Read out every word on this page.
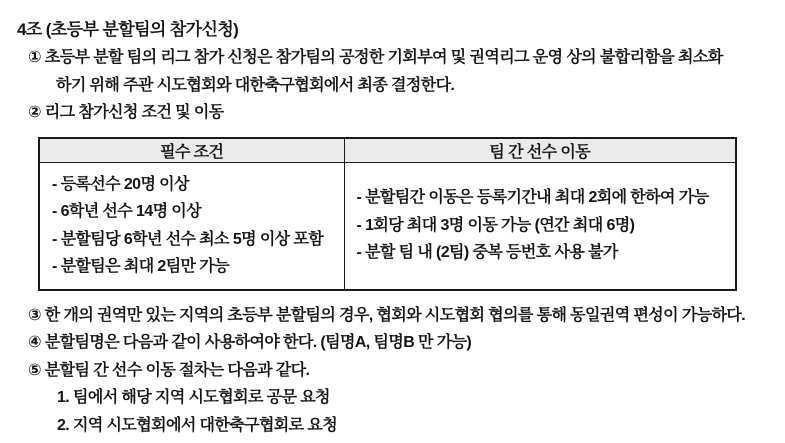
4조 (초등부 분할팀의 참가신청)
① 초등부 분할 팀의 리그 참가 신청은 참가팀의 공정한 기회부여 및 권역리그 운영 상의 불합리함을 최소화
하기 위해 주관 시도협회와 대한축구협회에서 최종 결정한다.
② 리그 참가신청 조건 및 이동
필수 조건	팀 간 선수 이동

- 등록선수 20명 이상
- 6학년 선수 14명 이상
- 분할팀당 6학년 선수 최소 5명 이상 포함
- 분할팀은 최대 2팀만 가능

- 분할팀간 이동은 등록기간내 최대 2회에 한하여 가능
- 1회당 최대 3명 이동 가능 (연간 최대 6명)
- 분할 팀 내 (2팀) 중복 등번호 사용 불가
③ 한 개의 권역만 있는 지역의 초등부 분할팀의 경우, 협회와 시도협회 협의를 통해 동일권역 편성이 가능하다.
④ 분할팀명은 다음과 같이 사용하여야 한다. (팀명A, 팀명B 만 가능)
⑤ 분할팀 간 선수 이동 절차는 다음과 같다.
1. 팀에서 해당 지역 시도협회로 공문 요청
2. 지역 시도협회에서 대한축구협회로 요청
